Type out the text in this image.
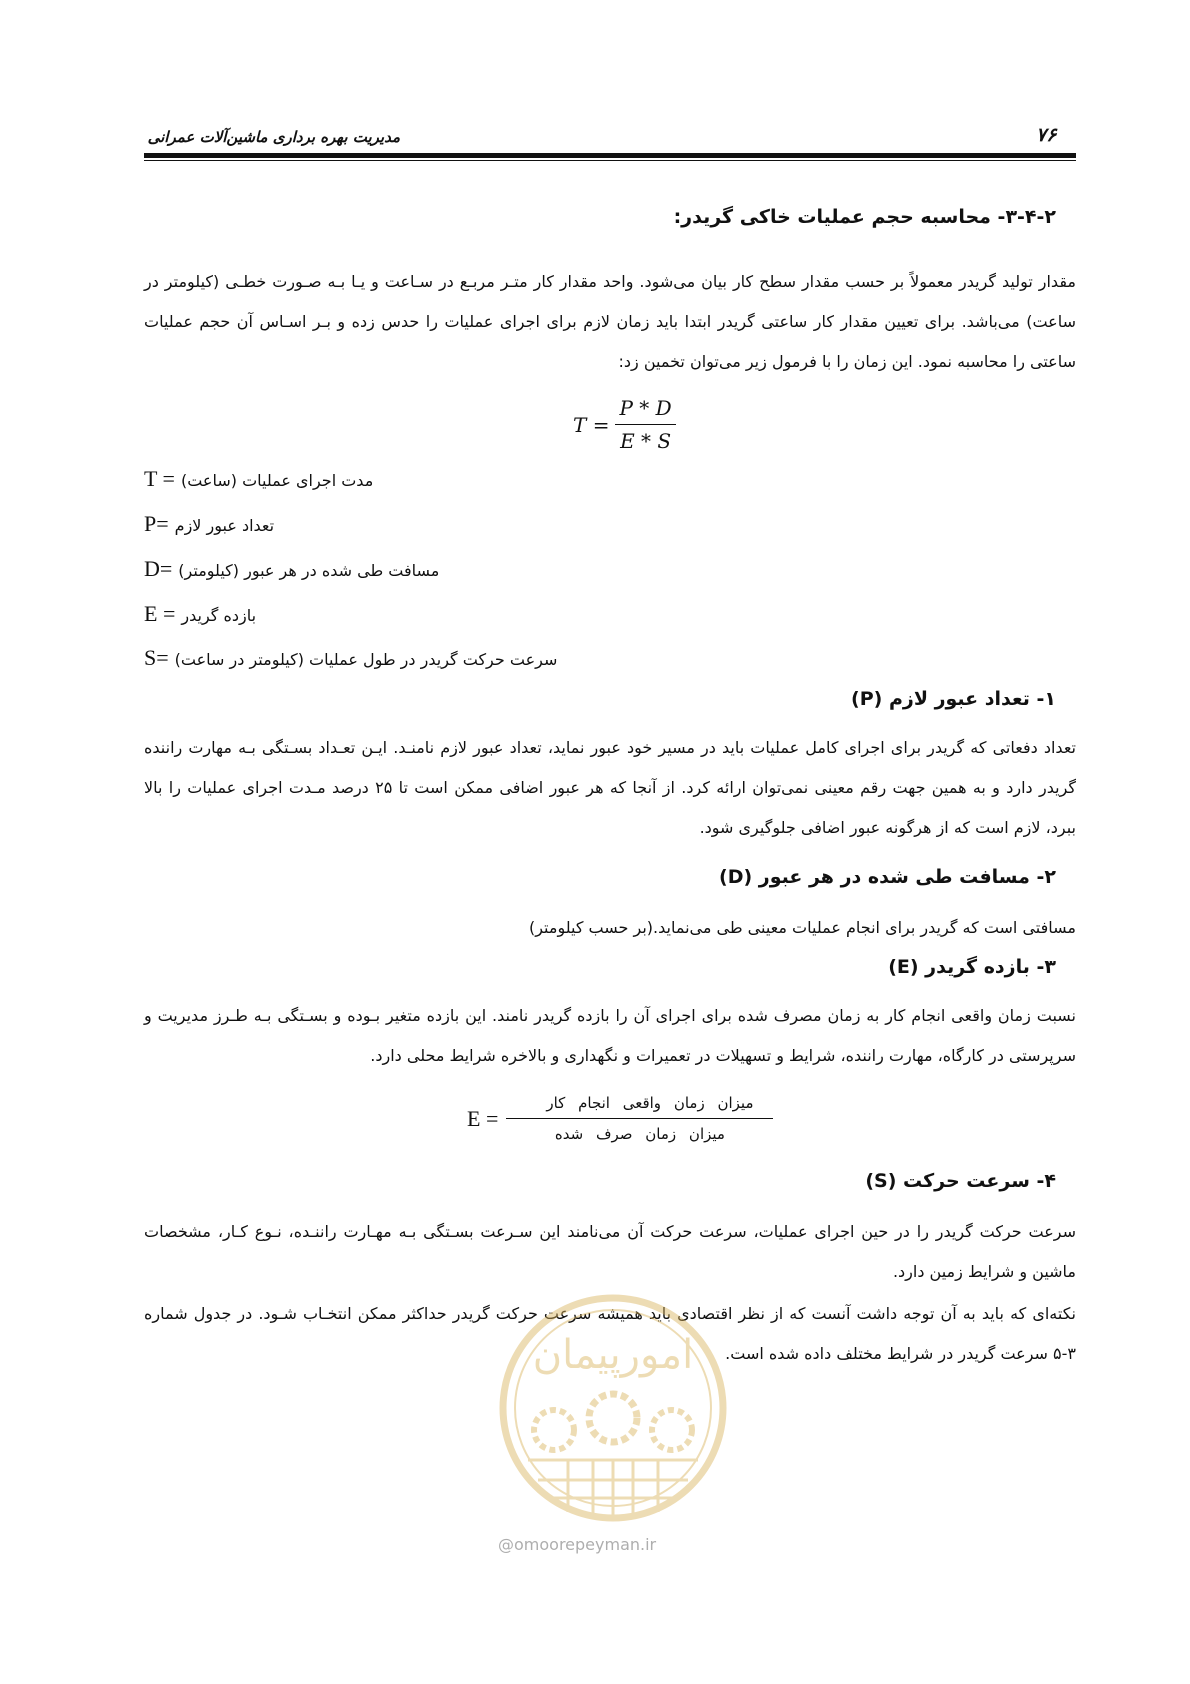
مدیریت بهره برداری ماشین‌آلات عمرانی	۷۶
۳-۴-۲- محاسبه حجم عملیات خاکی گریدر:
مقدار تولید گریدر معمولاً بر حسب مقدار سطح کار بیان می‌شود. واحد مقدار کار متـر مربـع در سـاعت و یـا بـه صـورت خطـی (کیلومتر در ساعت) می‌باشد. برای تعیین مقدار کار ساعتی گریدر ابتدا باید زمان لازم برای اجرای عملیات را حدس زده و بـر اسـاس آن حجم عملیات ساعتی را محاسبه نمود. این زمان را با فرمول زیر می‌توان تخمین زد:
$T = \frac{P * D}{E * S}$
T = مدت اجرای عملیات (ساعت)
P= تعداد عبور لازم
D= مسافت طی شده در هر عبور (کیلومتر)
E = بازده گریدر
S= سرعت حرکت گریدر در طول عملیات (کیلومتر در ساعت)
۱- تعداد عبور لازم (P)
تعداد دفعاتی که گریدر برای اجرای کامل عملیات باید در مسیر خود عبور نماید، تعداد عبور لازم نامنـد. ایـن تعـداد بسـتگی بـه مهارت راننده گریدر دارد و به همین جهت رقم معینی نمی‌توان ارائه کرد. از آنجا که هر عبور اضافی ممکن است تا ۲۵ درصد مـدت اجرای عملیات را بالا ببرد، لازم است که از هرگونه عبور اضافی جلوگیری شود.
۲- مسافت طی شده در هر عبور (D)
مسافتی است که گریدر برای انجام عملیات معینی طی می‌نماید.(بر حسب کیلومتر)
۳- بازده گریدر (E)
نسبت زمان واقعی انجام کار به زمان مصرف شده برای اجرای آن را بازده گریدر نامند. این بازده متغیر بـوده و بسـتگی بـه طـرز مدیریت و سرپرستی در کارگاه، مهارت راننده، شرایط و تسهیلات در تعمیرات و نگهداری و بالاخره شرایط محلی دارد.
$E = \frac{\text{میزان زمان واقعی انجام کار}}{\text{میزان زمان صرف شده}}$
۴- سرعت حرکت (S)
سرعت حرکت گریدر را در حین اجرای عملیات، سرعت حرکت آن می‌نامند این سـرعت بسـتگی بـه مهـارت راننـده، نـوع کـار، مشخصات ماشین و شرایط زمین دارد.
نکته‌ای که باید به آن توجه داشت آنست که از نظر اقتصادی باید همیشه سرعت حرکت گریدر حداکثر ممکن انتخـاب شـود. در جدول شماره ۳-۵ سرعت گریدر در شرایط مختلف داده شده است.
امورپیمان
@omoorepeyman.ir
